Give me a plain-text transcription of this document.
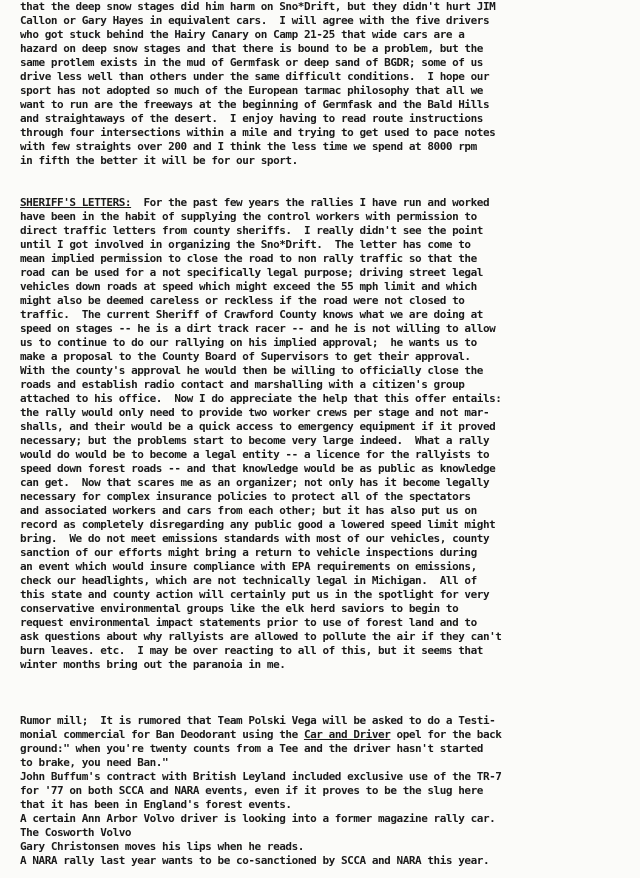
that the deep snow stages did him harm on Sno*Drift, but they didn't hurt JIM
Callon or Gary Hayes in equivalent cars.  I will agree with the five drivers
who got stuck behind the Hairy Canary on Camp 21-25 that wide cars are a
hazard on deep snow stages and that there is bound to be a problem, but the
same protlem exists in the mud of Germfask or deep sand of BGDR; some of us
drive less well than others under the same difficult conditions.  I hope our
sport has not adopted so much of the European tarmac philosophy that all we
want to run are the freeways at the beginning of Germfask and the Bald Hills
and straightaways of the desert.  I enjoy having to read route instructions
through four intersections within a mile and trying to get used to pace notes
with few straights over 200 and I think the less time we spend at 8000 rpm
in fifth the better it will be for our sport.
SHERIFF'S LETTERS:  For the past few years the rallies I have run and worked
have been in the habit of supplying the control workers with permission to
direct traffic letters from county sheriffs.  I really didn't see the point
until I got involved in organizing the Sno*Drift.  The letter has come to
mean implied permission to close the road to non rally traffic so that the
road can be used for a not specifically legal purpose; driving street legal
vehicles down roads at speed which might exceed the 55 mph limit and which
might also be deemed careless or reckless if the road were not closed to
traffic.  The current Sheriff of Crawford County knows what we are doing at
speed on stages -- he is a dirt track racer -- and he is not willing to allow
us to continue to do our rallying on his implied approval;  he wants us to
make a proposal to the County Board of Supervisors to get their approval.
With the county's approval he would then be willing to officially close the
roads and establish radio contact and marshalling with a citizen's group
attached to his office.  Now I do appreciate the help that this offer entails:
the rally would only need to provide two worker crews per stage and not mar-
shalls, and their would be a quick access to emergency equipment if it proved
necessary; but the problems start to become very large indeed.  What a rally
would do would be to become a legal entity -- a licence for the rallyists to
speed down forest roads -- and that knowledge would be as public as knowledge
can get.  Now that scares me as an organizer; not only has it become legally
necessary for complex insurance policies to protect all of the spectators
and associated workers and cars from each other; but it has also put us on
record as completely disregarding any public good a lowered speed limit might
bring.  We do not meet emissions standards with most of our vehicles, county
sanction of our efforts might bring a return to vehicle inspections during
an event which would insure compliance with EPA requirements on emissions,
check our headlights, which are not technically legal in Michigan.  All of
this state and county action will certainly put us in the spotlight for very
conservative environmental groups like the elk herd saviors to begin to
request environmental impact statements prior to use of forest land and to
ask questions about why rallyists are allowed to pollute the air if they can't
burn leaves. etc.  I may be over reacting to all of this, but it seems that
winter months bring out the paranoia in me.
Rumor mill;  It is rumored that Team Polski Vega will be asked to do a Testi-
monial commercial for Ban Deodorant using the Car and Driver opel for the back
ground:" when you're twenty counts from a Tee and the driver hasn't started
to brake, you need Ban."
John Buffum's contract with British Leyland included exclusive use of the TR-7
for '77 on both SCCA and NARA events, even if it proves to be the slug here
that it has been in England's forest events.
A certain Ann Arbor Volvo driver is looking into a former magazine rally car.
The Cosworth Volvo
Gary Christonsen moves his lips when he reads.
A NARA rally last year wants to be co-sanctioned by SCCA and NARA this year.
